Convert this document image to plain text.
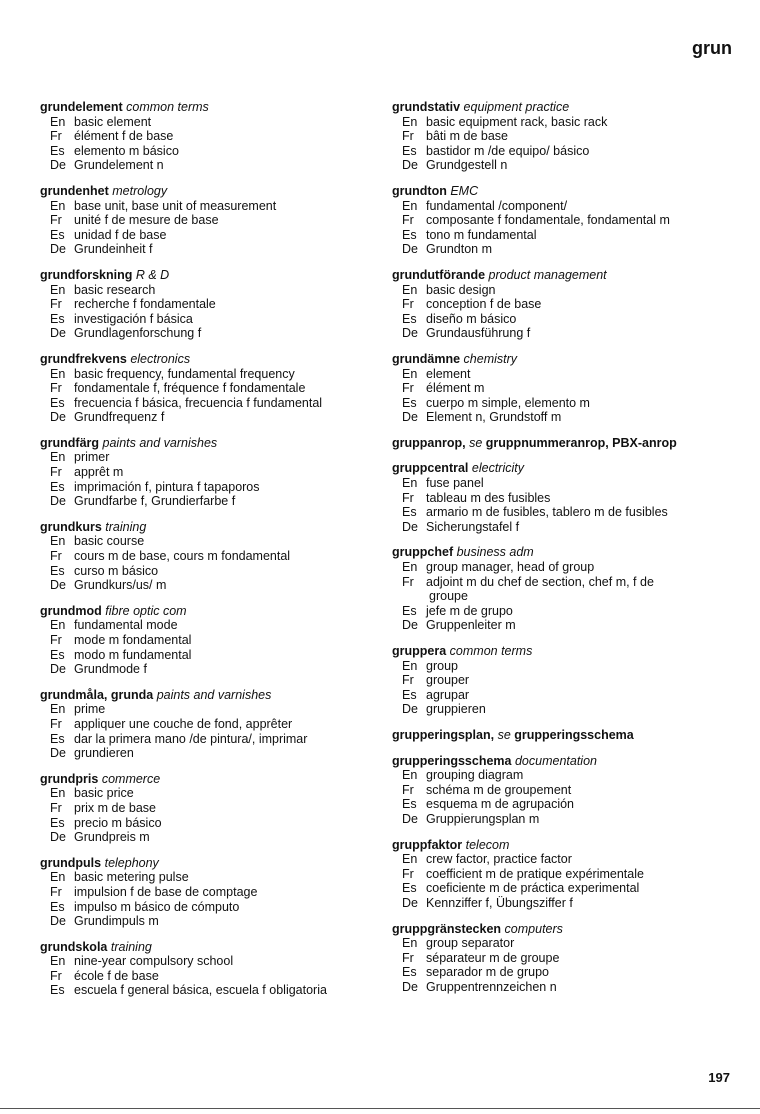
grun
grundelement common terms
En basic element
Fr élément f de base
Es elemento m básico
De Grundelement n
grundenhet metrology
En base unit, base unit of measurement
Fr unité f de mesure de base
Es unidad f de base
De Grundeinheit f
grundforskning R & D
En basic research
Fr recherche f fondamentale
Es investigación f básica
De Grundlagenforschung f
grundfrekvens electronics
En basic frequency, fundamental frequency
Fr fondamentale f, fréquence f fondamentale
Es frecuencia f básica, frecuencia f fundamental
De Grundfrequenz f
grundfärg paints and varnishes
En primer
Fr apprêt m
Es imprimación f, pintura f tapaporos
De Grundfarbe f, Grundierfarbe f
grundkurs training
En basic course
Fr cours m de base, cours m fondamental
Es curso m básico
De Grundkurs/us/ m
grundmod fibre optic com
En fundamental mode
Fr mode m fondamental
Es modo m fundamental
De Grundmode f
grundmåla, grunda paints and varnishes
En prime
Fr appliquer une couche de fond, apprêter
Es dar la primera mano /de pintura/, imprimar
De grundieren
grundpris commerce
En basic price
Fr prix m de base
Es precio m básico
De Grundpreis m
grundpuls telephony
En basic metering pulse
Fr impulsion f de base de comptage
Es impulso m básico de cómputo
De Grundimpuls m
grundskola training
En nine-year compulsory school
Fr école f de base
Es escuela f general básica, escuela f obligatoria
grundstativ equipment practice
En basic equipment rack, basic rack
Fr bâti m de base
Es bastidor m /de equipo/ básico
De Grundgestell n
grundton EMC
En fundamental /component/
Fr composante f fondamentale, fondamental m
Es tono m fundamental
De Grundton m
grundutförande product management
En basic design
Fr conception f de base
Es diseño m básico
De Grundausführung f
grundämne chemistry
En element
Fr élément m
Es cuerpo m simple, elemento m
De Element n, Grundstoff m
gruppanrop, se gruppnummeranrop, PBX-anrop
gruppcentral electricity
En fuse panel
Fr tableau m des fusibles
Es armario m de fusibles, tablero m de fusibles
De Sicherungstafel f
gruppchef business adm
En group manager, head of group
Fr adjoint m du chef de section, chef m, f de
groupe
Es jefe m de grupo
De Gruppenleiter m
gruppera common terms
En group
Fr grouper
Es agrupar
De gruppieren
grupperingsplan, se grupperingsschema
grupperingsschema documentation
En grouping diagram
Fr schéma m de groupement
Es esquema m de agrupación
De Gruppierungsplan m
gruppfaktor telecom
En crew factor, practice factor
Fr coefficient m de pratique expérimentale
Es coeficiente m de práctica experimental
De Kennziffer f, Übungsziffer f
gruppgränstecken computers
En group separator
Fr séparateur m de groupe
Es separador m de grupo
De Gruppentrennzeichen n
197
